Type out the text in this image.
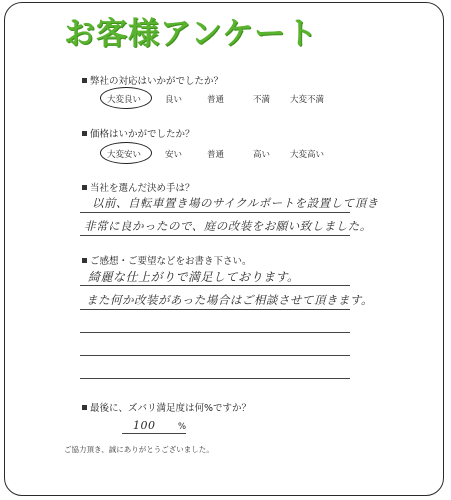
お客様アンケート
弊社の対応はいかがでしたか？
大変良い	良い	普通	不満 大変不満
価格はいかがでしたか？
大変安い	安い	普通	高い 大変高い
当社を選んだ決め手は？
以前、自転車置き場のサイクルポートを設置して頂き
非常に良かったので、庭の改装をお願い致しました。
ご感想・ご要望などをお書き下さい。
綺麗な仕上がりで満足しております。
また何か改装があった場合はご相談させて頂きます。
最後に、ズバリ満足度は何%ですか？
100	%
ご協力頂き、誠にありがとうございました。
